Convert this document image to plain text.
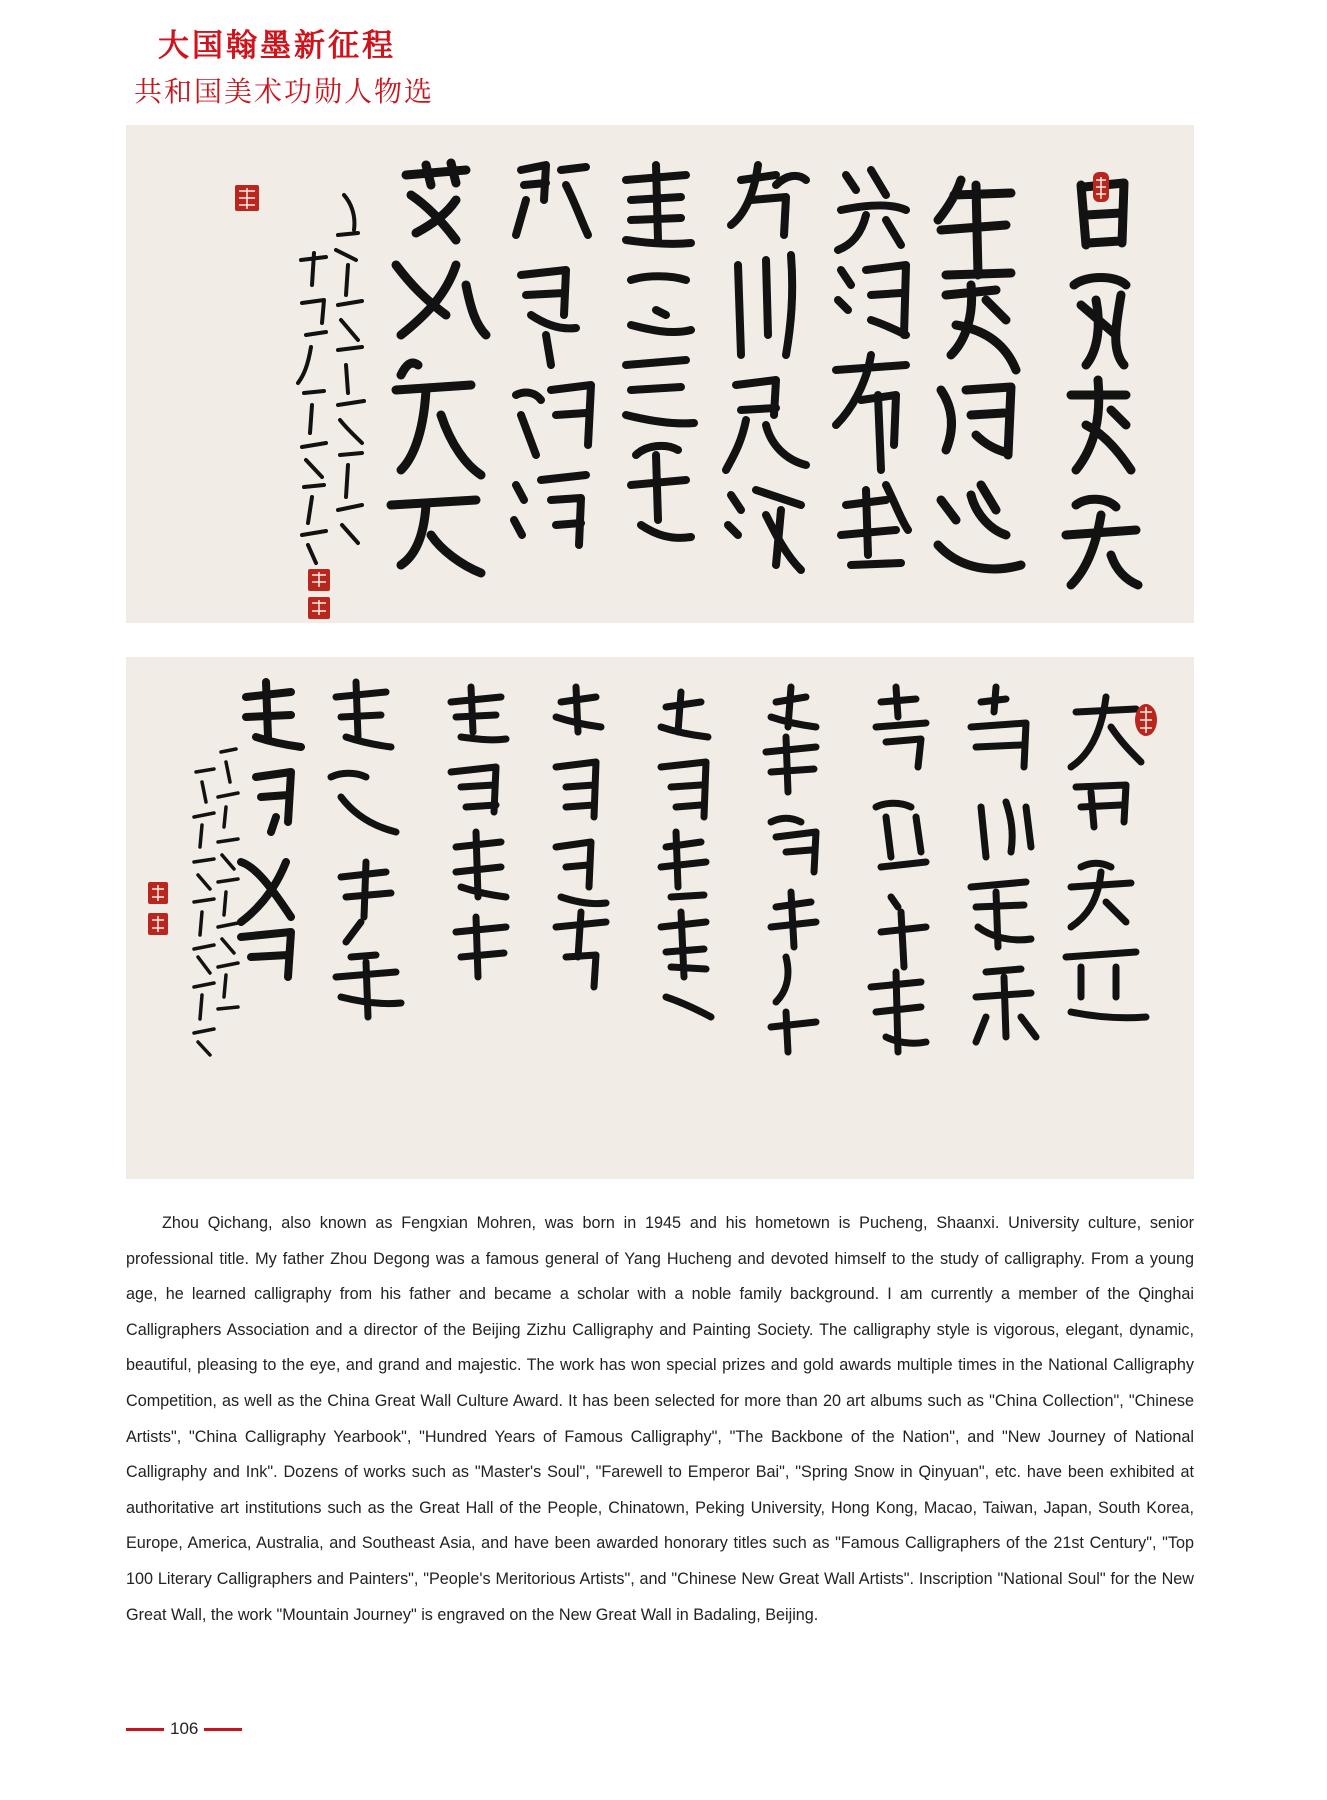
大国翰墨新征程
共和国美术功勋人物选

Zhou Qichang, also known as Fengxian Mohren, was born in 1945 and his hometown is Pucheng, Shaanxi. University culture, senior professional title. My father Zhou Degong was a famous general of Yang Hucheng and devoted himself to the study of calligraphy. From a young age, he learned calligraphy from his father and became a scholar with a noble family background. I am currently a member of the Qinghai Calligraphers Association and a director of the Beijing Zizhu Calligraphy and Painting Society. The calligraphy style is vigorous, elegant, dynamic, beautiful, pleasing to the eye, and grand and majestic. The work has won special prizes and gold awards multiple times in the National Calligraphy Competition, as well as the China Great Wall Culture Award. It has been selected for more than 20 art albums such as "China Collection", "Chinese Artists", "China Calligraphy Yearbook", "Hundred Years of Famous Calligraphy", "The Backbone of the Nation", and "New Journey of National Calligraphy and Ink". Dozens of works such as "Master's Soul", "Farewell to Emperor Bai", "Spring Snow in Qinyuan", etc. have been exhibited at authoritative art institutions such as the Great Hall of the People, Chinatown, Peking University, Hong Kong, Macao, Taiwan, Japan, South Korea, Europe, America, Australia, and Southeast Asia, and have been awarded honorary titles such as "Famous Calligraphers of the 21st Century", "Top 100 Literary Calligraphers and Painters", "People's Meritorious Artists", and "Chinese New Great Wall Artists". Inscription "National Soul" for the New Great Wall, the work "Mountain Journey" is engraved on the New Great Wall in Badaling, Beijing.

106
